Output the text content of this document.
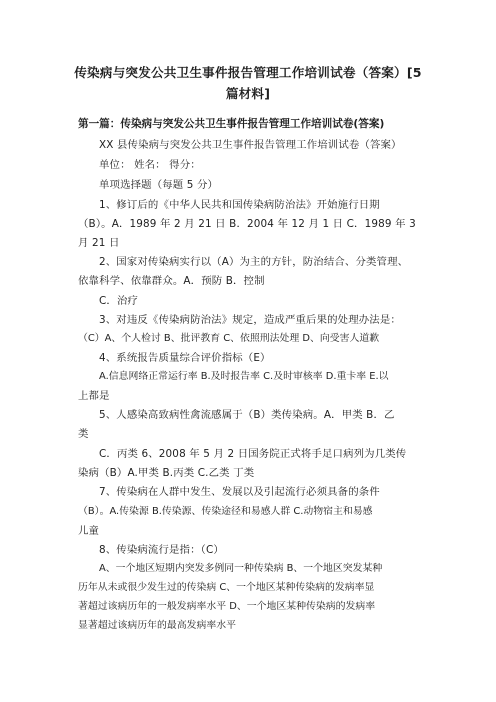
传染病与突发公共卫生事件报告管理工作培训试卷（答案）[5
篇材料]
第一篇：传染病与突发公共卫生事件报告管理工作培训试卷(答案)
XX 县传染病与突发公共卫生事件报告管理工作培训试卷（答案）
单位： 姓名： 得分：
单项选择题（每题 5 分）
1、修订后的《中华人民共和国传染病防治法》开始施行日期
（B）。A．1989 年 2 月 21 日 B．2004 年 12 月 1 日 C．1989 年 3
月 21 日
2、国家对传染病实行以（A）为主的方针，防治结合、分类管理、
依靠科学、依靠群众。A．预防 B．控制
C．治疗
3、对违反《传染病防治法》规定，造成严重后果的处理办法是：
（C）A、个人检讨 B、批评教育 C、依照刑法处理 D、向受害人道歉
4、系统报告质量综合评价指标（E）
A.信息网络正常运行率 B.及时报告率 C.及时审核率 D.重卡率 E.以
上都是
5、人感染高致病性禽流感属于（B）类传染病。A．甲类 B．乙
类
C．丙类 6、2008 年 5 月 2 日国务院正式将手足口病列为几类传
染病（B）A.甲类 B.丙类 C.乙类 丁类
7、传染病在人群中发生、发展以及引起流行必须具备的条件
（B）。A.传染源 B.传染源、传染途径和易感人群 C.动物宿主和易感
儿童
8、传染病流行是指：（C）
A、一个地区短期内突发多例同一种传染病 B、一个地区突发某种
历年从未或很少发生过的传染病 C、一个地区某种传染病的发病率显
著超过该病历年的一般发病率水平 D、一个地区某种传染病的发病率
显著超过该病历年的最高发病率水平
